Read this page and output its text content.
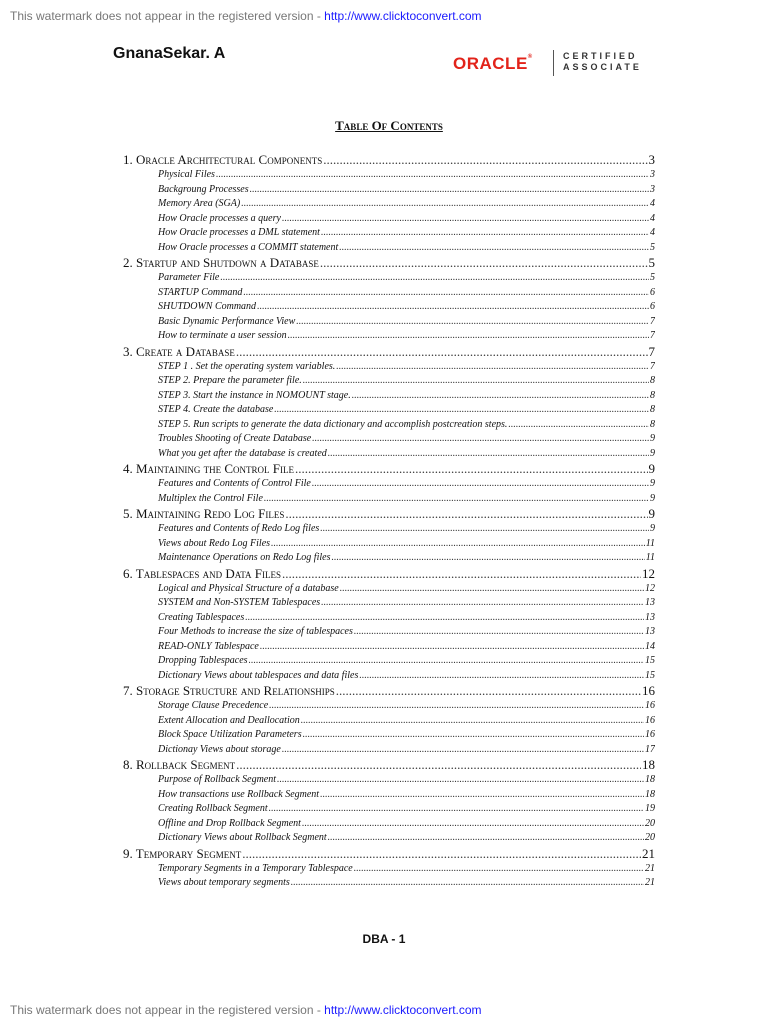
This watermark does not appear in the registered version - http://www.clicktoconvert.com
GnanaSekar. A
ORACLE®	CERTIFIED
ASSOCIATE
Table Of Contents
1. Oracle Architectural Components .....	3
Physical Files .....	3
Backgroung Processes .....	3
Memory Area (SGA) .....	4
How Oracle processes a query .....	4
How Oracle processes a DML statement .....	4
How Oracle processes a COMMIT statement .....	5
2. Startup and Shutdown a Database .....	5
Parameter File .....	5
STARTUP Command .....	6
SHUTDOWN Command .....	6
Basic Dynamic Performance View .....	7
How to terminate a user session .....	7
3. Create a Database .....	7
STEP 1 . Set the operating system variables. .....	7
STEP 2. Prepare the parameter file. .....	8
STEP 3. Start the instance in NOMOUNT stage. .....	8
STEP 4. Create the database .....	8
STEP 5. Run scripts to generate the data dictionary and accomplish postcreation steps. .....	8
Troubles Shooting of Create Database .....	9
What you get after the database is created .....	9
4. Maintaining the Control File .....	9
Features and Contents of Control File .....	9
Multiplex the Control File .....	9
5. Maintaining Redo Log Files .....	9
Features and Contents of Redo Log files .....	9
Views about Redo Log Files .....	11
Maintenance Operations on Redo Log files .....	11
6. Tablespaces and Data Files .....	12
Logical and Physical Structure of a database .....	12
SYSTEM and Non-SYSTEM Tablespaces .....	13
Creating Tablespaces .....	13
Four Methods to increase the size of tablespaces .....	13
READ-ONLY Tablespace .....	14
Dropping Tablespaces .....	15
Dictionary Views about tablespaces and data files .....	15
7. Storage Structure and Relationships .....	16
Storage Clause Precedence .....	16
Extent Allocation and Deallocation .....	16
Block Space Utilization Parameters .....	16
Dictionay Views about storage .....	17
8. Rollback Segment .....	18
Purpose of Rollback Segment .....	18
How transactions use Rollback Segment .....	18
Creating Rollback Segment .....	19
Offline and Drop Rollback Segment .....	20
Dictionary Views about Rollback Segment .....	20
9. Temporary Segment .....	21
Temporary Segments in a Temporary Tablespace .....	21
Views about temporary segments .....	21
DBA - 1
This watermark does not appear in the registered version - http://www.clicktoconvert.com
